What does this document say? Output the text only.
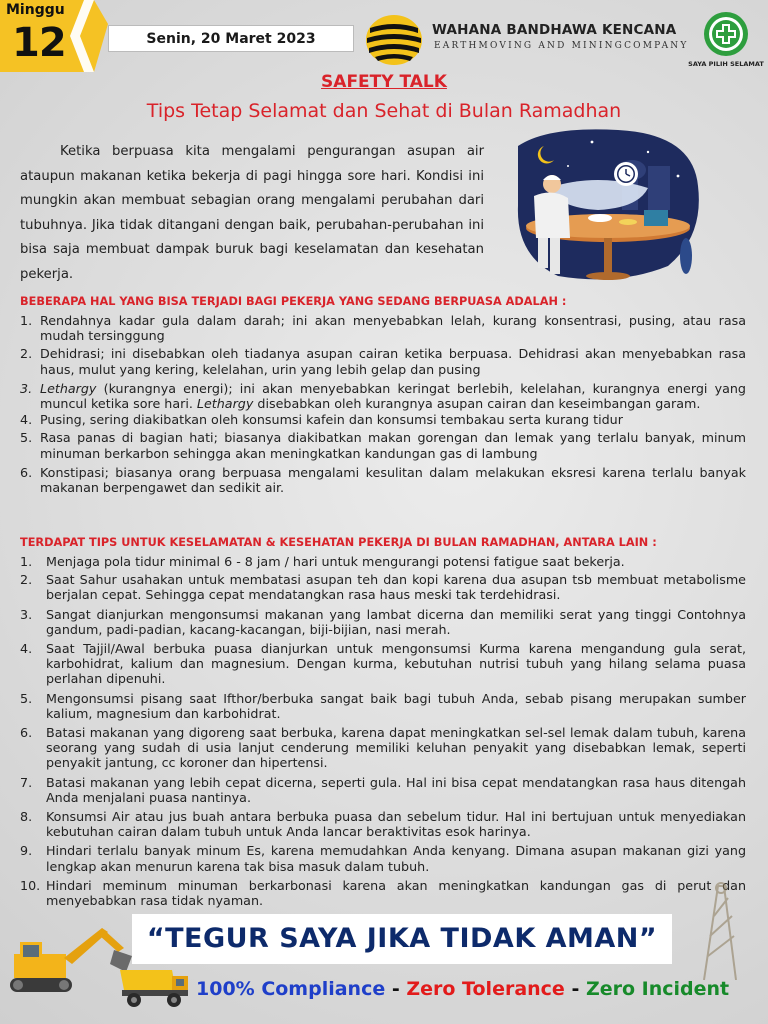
Minggu
12	Senin, 20 Maret 2023
WAHANA BANDHAWA KENCANA
EARTHMOVING AND MININGCOMPANY
SAYA PILIH SELAMAT
SAFETY TALK
Tips Tetap Selamat dan Sehat di Bulan Ramadhan

Ketika berpuasa kita mengalami pengurangan asupan air ataupun makanan ketika bekerja di pagi hingga sore hari. Kondisi ini mungkin akan membuat sebagian orang mengalami perubahan dari tubuhnya. Jika tidak ditangani dengan baik, perubahan-perubahan ini bisa saja membuat dampak buruk bagi keselamatan dan kesehatan pekerja.

BEBERAPA HAL YANG BISA TERJADI BAGI PEKERJA YANG SEDANG BERPUASA ADALAH :
1. Rendahnya kadar gula dalam darah; ini akan menyebabkan lelah, kurang konsentrasi, pusing, atau rasa mudah tersinggung
2. Dehidrasi; ini disebabkan oleh tiadanya asupan cairan ketika berpuasa. Dehidrasi akan menyebabkan rasa haus, mulut yang kering, kelelahan, urin yang lebih gelap dan pusing
3. Lethargy (kurangnya energi); ini akan menyebabkan keringat berlebih, kelelahan, kurangnya energi yang muncul ketika sore hari. Lethargy disebabkan oleh kurangnya asupan cairan dan keseimbangan garam.
4. Pusing, sering diakibatkan oleh konsumsi kafein dan konsumsi tembakau serta kurang tidur
5. Rasa panas di bagian hati; biasanya diakibatkan makan gorengan dan lemak yang terlalu banyak, minum minuman berkarbon sehingga akan meningkatkan kandungan gas di lambung
6. Konstipasi; biasanya orang berpuasa mengalami kesulitan dalam melakukan eksresi karena terlalu banyak makanan berpengawet dan sedikit air.
TERDAPAT TIPS UNTUK KESELAMATAN & KESEHATAN PEKERJA DI BULAN RAMADHAN, ANTARA LAIN :
1. Menjaga pola tidur minimal 6 - 8 jam / hari untuk mengurangi potensi fatigue saat bekerja.
2. Saat Sahur usahakan untuk membatasi asupan teh dan kopi karena dua asupan tsb membuat metabolisme berjalan cepat. Sehingga cepat mendatangkan rasa haus meski tak terdehidrasi.
3. Sangat dianjurkan mengonsumsi makanan yang lambat dicerna dan memiliki serat yang tinggi Contohnya gandum, padi-padian, kacang-kacangan, biji-bijian, nasi merah.
4. Saat Tajjil/Awal berbuka puasa dianjurkan untuk mengonsumsi Kurma karena mengandung gula serat, karbohidrat, kalium dan magnesium. Dengan kurma, kebutuhan nutrisi tubuh yang hilang selama puasa perlahan dipenuhi.
5. Mengonsumsi pisang saat Ifthor/berbuka sangat baik bagi tubuh Anda, sebab pisang merupakan sumber kalium, magnesium dan karbohidrat.
6. Batasi makanan yang digoreng saat berbuka, karena dapat meningkatkan sel-sel lemak dalam tubuh, karena seorang yang sudah di usia lanjut cenderung memiliki keluhan penyakit yang disebabkan lemak, seperti penyakit jantung, cc koroner dan hipertensi.
7. Batasi makanan yang lebih cepat dicerna, seperti gula. Hal ini bisa cepat mendatangkan rasa haus ditengah Anda menjalani puasa nantinya.
8. Konsumsi Air atau jus buah antara berbuka puasa dan sebelum tidur. Hal ini bertujuan untuk menyediakan kebutuhan cairan dalam tubuh untuk Anda lancar beraktivitas esok harinya.
9. Hindari terlalu banyak minum Es, karena memudahkan Anda kenyang. Dimana asupan makanan gizi yang lengkap akan menurun karena tak bisa masuk dalam tubuh.
10. Hindari meminum minuman berkarbonasi karena akan meningkatkan kandungan gas di perut dan menyebabkan rasa tidak nyaman.
“TEGUR SAYA JIKA TIDAK AMAN”
100% Compliance - Zero Tolerance - Zero Incident
